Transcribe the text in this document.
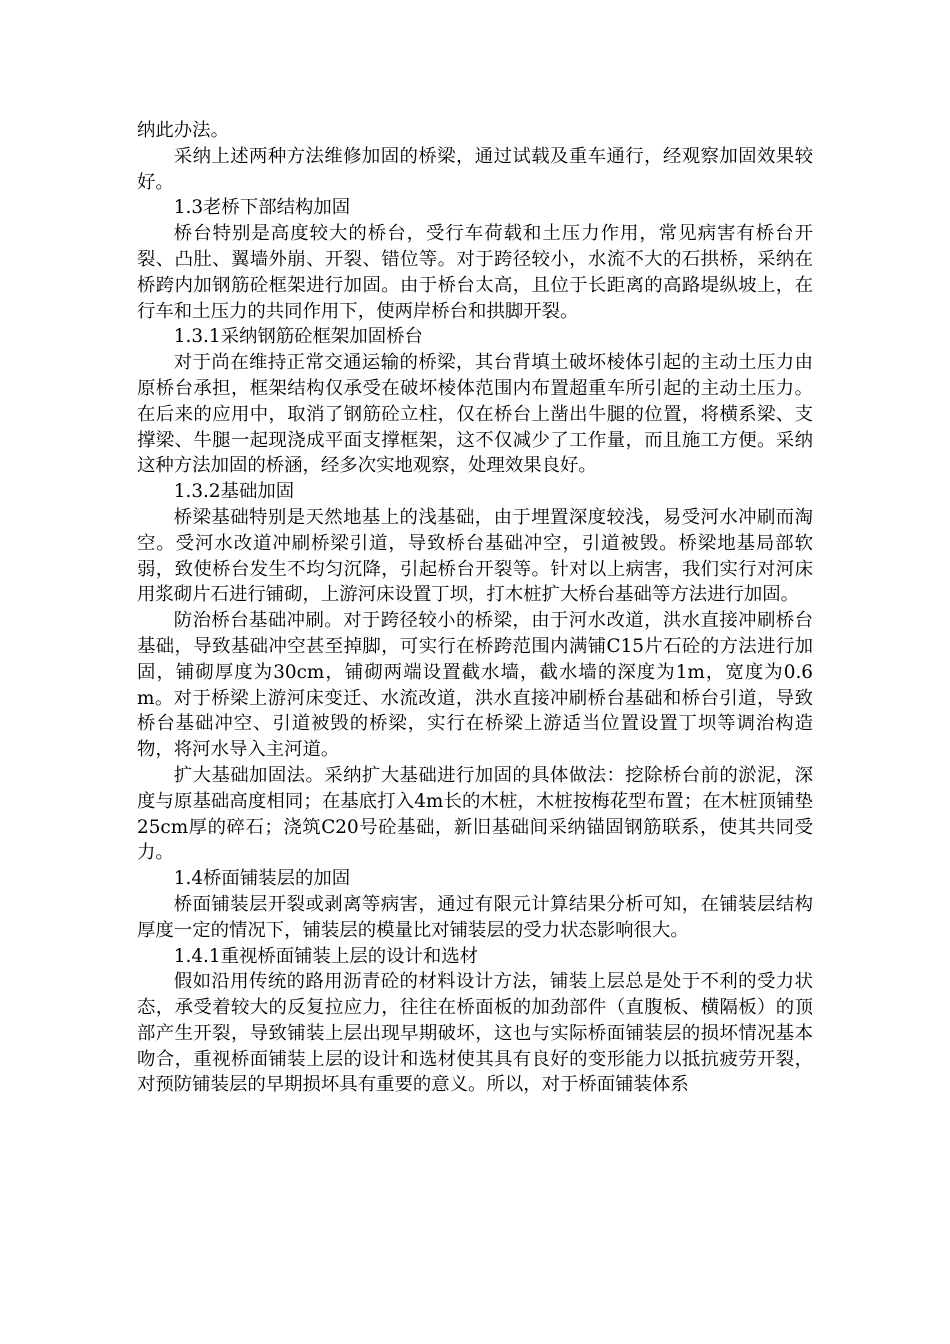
纳此办法。

采纳上述两种方法维修加固的桥梁，通过试载及重车通行，经观察加固效果较好。

1.3老桥下部结构加固

桥台特别是高度较大的桥台，受行车荷载和土压力作用，常见病害有桥台开裂、凸肚、翼墙外崩、开裂、错位等。对于跨径较小，水流不大的石拱桥，采纳在桥跨内加钢筋砼框架进行加固。由于桥台太高，且位于长距离的高路堤纵坡上，在行车和土压力的共同作用下，使两岸桥台和拱脚开裂。

1.3.1采纳钢筋砼框架加固桥台

对于尚在维持正常交通运输的桥梁，其台背填土破坏棱体引起的主动土压力由原桥台承担，框架结构仅承受在破坏棱体范围内布置超重车所引起的主动土压力。在后来的应用中，取消了钢筋砼立柱，仅在桥台上凿出牛腿的位置，将横系梁、支撑梁、牛腿一起现浇成平面支撑框架，这不仅减少了工作量，而且施工方便。采纳这种方法加固的桥涵，经多次实地观察，处理效果良好。

1.3.2基础加固

桥梁基础特别是天然地基上的浅基础，由于埋置深度较浅，易受河水冲刷而淘空。受河水改道冲刷桥梁引道，导致桥台基础冲空，引道被毁。桥梁地基局部软弱，致使桥台发生不均匀沉降，引起桥台开裂等。针对以上病害，我们实行对河床用浆砌片石进行铺砌，上游河床设置丁坝，打木桩扩大桥台基础等方法进行加固。

防治桥台基础冲刷。对于跨径较小的桥梁，由于河水改道，洪水直接冲刷桥台基础，导致基础冲空甚至掉脚，可实行在桥跨范围内满铺C15片石砼的方法进行加固，铺砌厚度为30cm，铺砌两端设置截水墙，截水墙的深度为1m，宽度为0.6m。对于桥梁上游河床变迁、水流改道，洪水直接冲刷桥台基础和桥台引道，导致桥台基础冲空、引道被毁的桥梁，实行在桥梁上游适当位置设置丁坝等调治构造物，将河水导入主河道。

扩大基础加固法。采纳扩大基础进行加固的具体做法：挖除桥台前的淤泥，深度与原基础高度相同；在基底打入4m长的木桩，木桩按梅花型布置；在木桩顶铺垫25cm厚的碎石；浇筑C20号砼基础，新旧基础间采纳锚固钢筋联系，使其共同受力。

1.4桥面铺装层的加固

桥面铺装层开裂或剥离等病害，通过有限元计算结果分析可知，在铺装层结构厚度一定的情况下，铺装层的模量比对铺装层的受力状态影响很大。

1.4.1重视桥面铺装上层的设计和选材

假如沿用传统的路用沥青砼的材料设计方法，铺装上层总是处于不利的受力状态，承受着较大的反复拉应力，往往在桥面板的加劲部件（直腹板、横隔板）的顶部产生开裂，导致铺装上层出现早期破坏，这也与实际桥面铺装层的损坏情况基本吻合，重视桥面铺装上层的设计和选材使其具有良好的变形能力以抵抗疲劳开裂，对预防铺装层的早期损坏具有重要的意义。所以，对于桥面铺装体系
